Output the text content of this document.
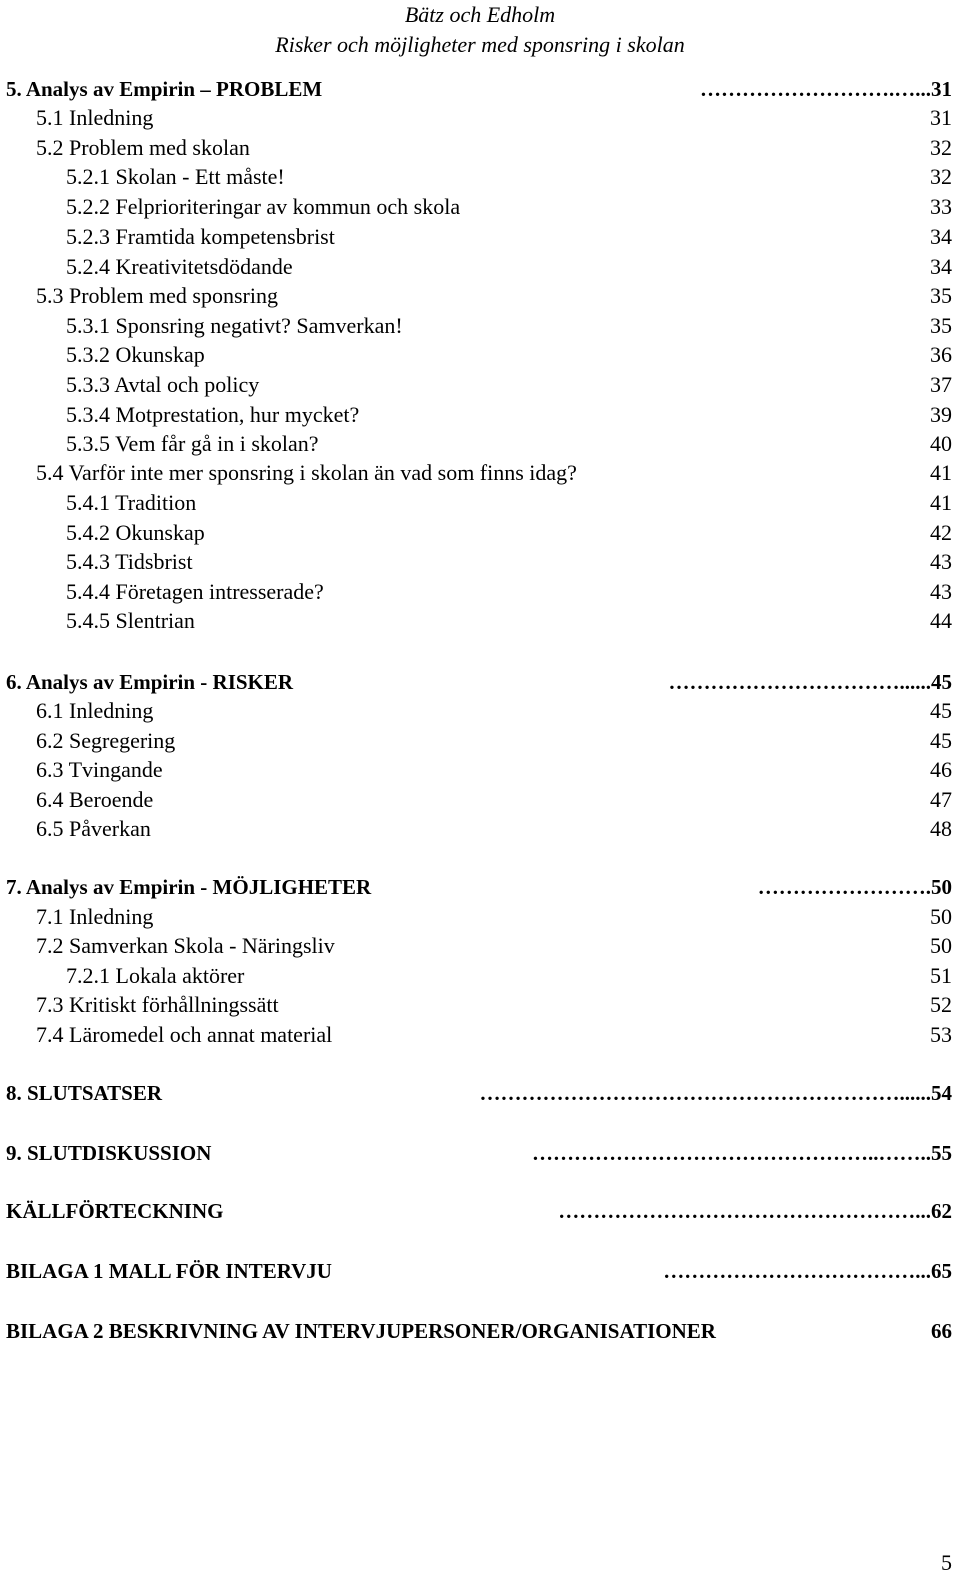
Bätz och Edholm
Risker och möjligheter med sponsring i skolan
5. Analys av Empirin – PROBLEM	……………………….…...31
5.1 Inledning	31
5.2 Problem med skolan	32
5.2.1 Skolan - Ett måste!	32
5.2.2 Felprioriteringar av kommun och skola	33
5.2.3 Framtida kompetensbrist	34
5.2.4 Kreativitetsdödande	34
5.3 Problem med sponsring	35
5.3.1 Sponsring negativt? Samverkan!	35
5.3.2 Okunskap	36
5.3.3 Avtal och policy	37
5.3.4 Motprestation, hur mycket?	39
5.3.5 Vem får gå in i skolan?	40
5.4 Varför inte mer sponsring i skolan än vad som finns idag?	41
5.4.1 Tradition	41
5.4.2 Okunskap	42
5.4.3 Tidsbrist	43
5.4.4 Företagen intresserade?	43
5.4.5 Slentrian	44
6. Analys av Empirin - RISKER	……………………………......45
6.1 Inledning	45
6.2 Segregering	45
6.3 Tvingande	46
6.4 Beroende	47
6.5 Påverkan	48
7. Analys av Empirin - MÖJLIGHETER	…………………….50
7.1 Inledning	50
7.2 Samverkan Skola - Näringsliv	50
7.2.1 Lokala aktörer	51
7.3 Kritiskt förhållningssätt	52
7.4 Läromedel och annat material	53
8. SLUTSATSER	……………………………………………………......54
9. SLUTDISKUSSION	…………………………………………..……..55
KÄLLFÖRTECKNING	……………………………………………...62
BILAGA 1 MALL FÖR INTERVJU	………………………………...65
BILAGA 2 BESKRIVNING AV INTERVJUPERSONER/ORGANISATIONER	66
5
